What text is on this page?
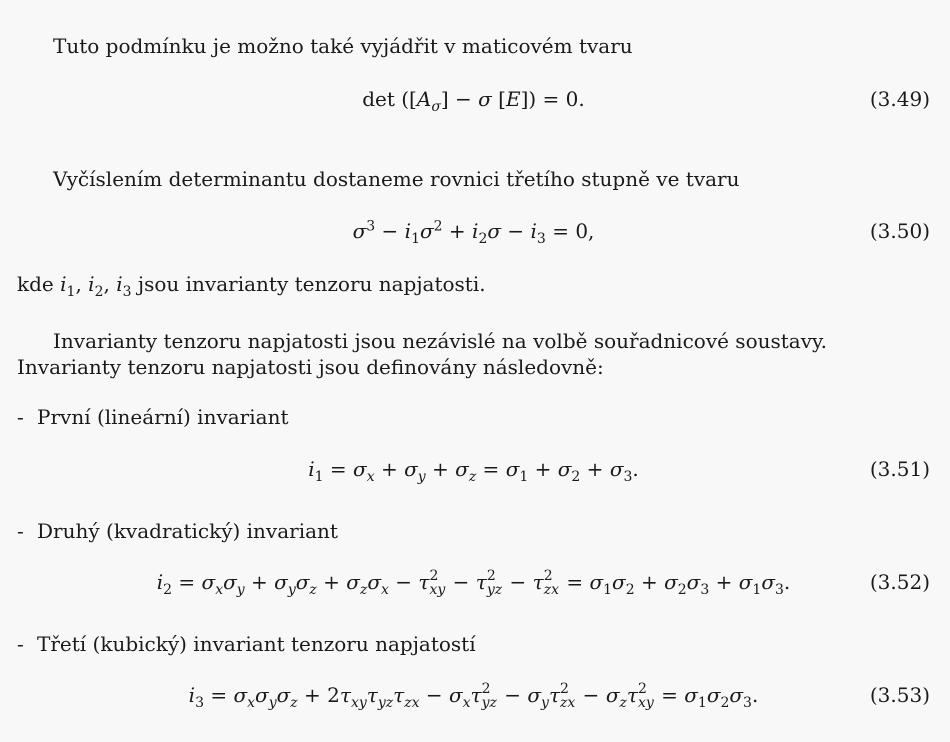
Tuto podmínku je možno také vyjádřit v maticovém tvaru

$\det ([A_\sigma] - \sigma$ [E]) = 0.	(3.49)

Vyčíslením determinantu dostaneme rovnici třetího stupně ve tvaru

$\sigma^3 - i_1\sigma^2 + i_2\sigma - i_3 = 0$,	(3.50)

kde $i_1$, $i_2$, $i_3$ jsou invarianty tenzoru napjatosti.

Invarianty tenzoru napjatosti jsou nezávislé na volbě souřadnicové soustavy. Invarianty tenzoru napjatosti jsou definovány následovně:

- První (lineární) invariant

$i_1 = \sigma_x + \sigma_y + \sigma_z = \sigma_1 + \sigma_2 + \sigma_3$.	(3.51)

- Druhý (kvadratický) invariant

$i_2 = \sigma_x\sigma_y + \sigma_y\sigma_z + \sigma_z\sigma_x - \tau$ 2
xy − τ 2
yz − τ 2
zx = $\sigma_1\sigma_2 + \sigma_2\sigma_3 + \sigma_1\sigma_3$.	(3.52)

- Třetí (kubický) invariant tenzoru napjatostí

$i_3 = \sigma_x\sigma_y\sigma_z + 2\tau_{xy}\tau_{yz}\tau_{zx} - \sigma_x\tau$ 2
yz − $\sigma_y\tau$ 2
zx − $\sigma_z\tau$ 2
xy = $\sigma_1\sigma_2\sigma_3$.	(3.53)
